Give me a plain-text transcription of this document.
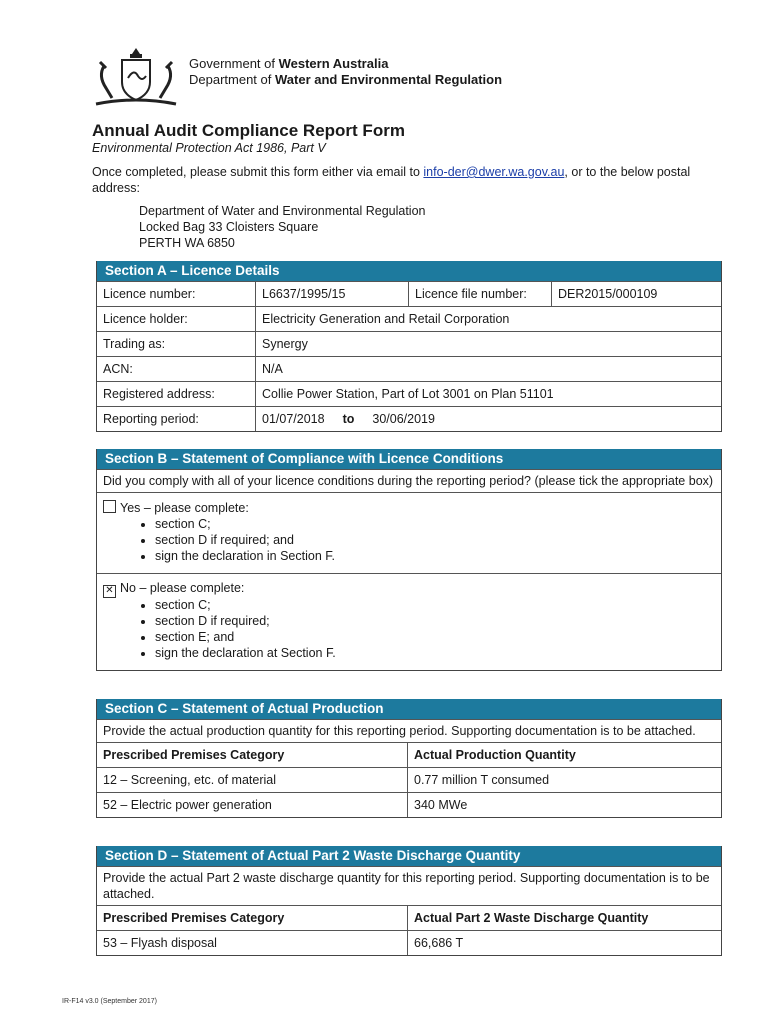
Government of Western Australia
Department of Water and Environmental Regulation
Annual Audit Compliance Report Form
Environmental Protection Act 1986, Part V
Once completed, please submit this form either via email to info-der@dwer.wa.gov.au, or to the below postal address:
Department of Water and Environmental Regulation
Locked Bag 33 Cloisters Square
PERTH WA 6850
Section A – Licence Details
Licence number:	L6637/1995/15	Licence file number:	DER2015/000109
Licence holder:	Electricity Generation and Retail Corporation		
Trading as:	Synergy		
ACN:	N/A		
Registered address:	Collie Power Station, Part of Lot 3001 on Plan 51101		
Reporting period:	01/07/2018 to 30/06/2019		
Section B – Statement of Compliance with Licence Conditions
Did you comply with all of your licence conditions during the reporting period? (please tick the appropriate box)
Yes – please complete:
• section C;
• section D if required; and
• sign the declaration in Section F.
✕ No – please complete:
• section C;
• section D if required;
• section E; and
• sign the declaration at Section F.
Section C – Statement of Actual Production
Provide the actual production quantity for this reporting period. Supporting documentation is to be attached.
Prescribed Premises Category	Actual Production Quantity
12 – Screening, etc. of material	0.77 million T consumed
52 – Electric power generation	340 MWe
Section D – Statement of Actual Part 2 Waste Discharge Quantity
Provide the actual Part 2 waste discharge quantity for this reporting period. Supporting documentation is to be attached.
Prescribed Premises Category	Actual Part 2 Waste Discharge Quantity
53 – Flyash disposal	66,686 T
IR-F14 v3.0 (September 2017)
